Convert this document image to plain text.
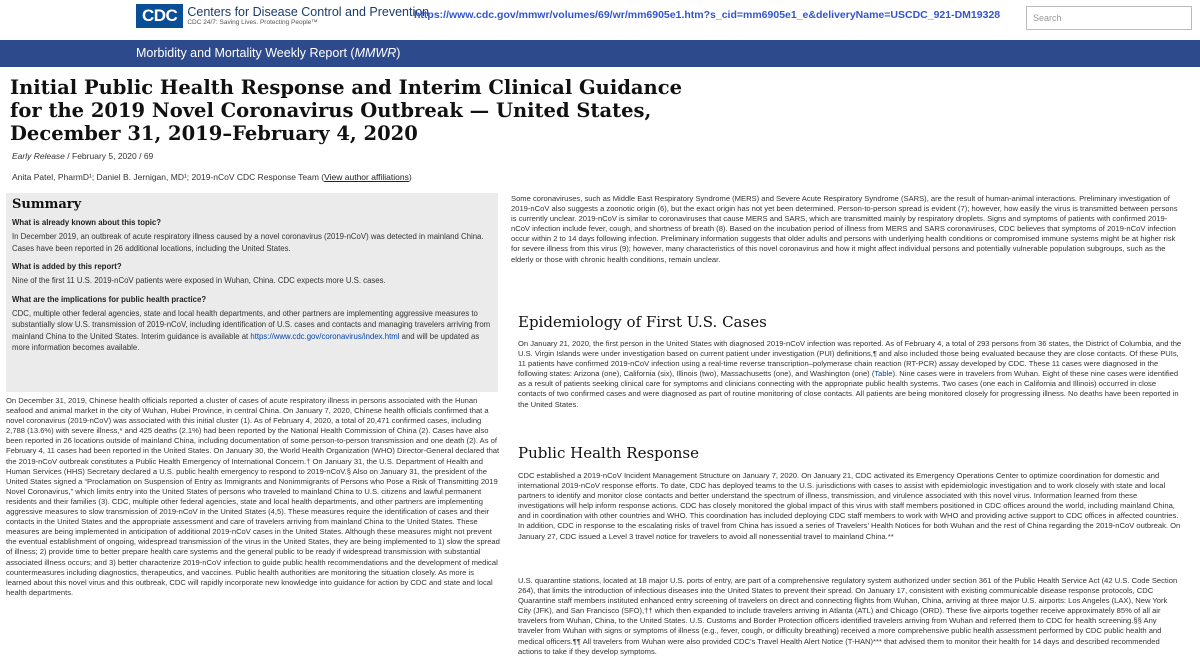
CDC Centers for Disease Control and Prevention
CDC 24/7: Saving Lives. Protecting People™
https://www.cdc.gov/mmwr/volumes/69/wr/mm6905e1.htm?s_cid=mm6905e1_e&deliveryName=USCDC_921-DM19328	Search
Morbidity and Mortality Weekly Report (MMWR)
Initial Public Health Response and Interim Clinical Guidance for the 2019 Novel Coronavirus Outbreak — United States, December 31, 2019–February 4, 2020
Early Release / February 5, 2020 / 69
Anita Patel, PharmD¹; Daniel B. Jernigan, MD¹; 2019-nCoV CDC Response Team (View author affiliations)
Summary
What is already known about this topic?

In December 2019, an outbreak of acute respiratory illness caused by a novel coronavirus (2019-nCoV) was detected in mainland China. Cases have been reported in 26 additional locations, including the United States.

What is added by this report?

Nine of the first 11 U.S. 2019-nCoV patients were exposed in Wuhan, China. CDC expects more U.S. cases.

What are the implications for public health practice?

CDC, multiple other federal agencies, state and local health departments, and other partners are implementing aggressive measures to substantially slow U.S. transmission of 2019-nCoV, including identification of U.S. cases and contacts and managing travelers arriving from mainland China to the United States. Interim guidance is available at https://www.cdc.gov/coronavirus/index.html and will be updated as more information becomes available.

On December 31, 2019, Chinese health officials reported a cluster of cases of acute respiratory illness in persons associated with the Hunan seafood and animal market in the city of Wuhan, Hubei Province, in central China. On January 7, 2020, Chinese health officials confirmed that a novel coronavirus (2019-nCoV) was associated with this initial cluster (1). As of February 4, 2020, a total of 20,471 confirmed cases, including 2,788 (13.6%) with severe illness,* and 425 deaths (2.1%) had been reported by the National Health Commission of China (2). Cases have also been reported in 26 locations outside of mainland China, including documentation of some person-to-person transmission and one death (2). As of February 4, 11 cases had been reported in the United States. On January 30, the World Health Organization (WHO) Director-General declared that the 2019-nCoV outbreak constitutes a Public Health Emergency of International Concern.† On January 31, the U.S. Department of Health and Human Services (HHS) Secretary declared a U.S. public health emergency to respond to 2019-nCoV.§ Also on January 31, the president of the United States signed a “Proclamation on Suspension of Entry as Immigrants and Nonimmigrants of Persons who Pose a Risk of Transmitting 2019 Novel Coronavirus,” which limits entry into the United States of persons who traveled to mainland China to U.S. citizens and lawful permanent residents and their families (3). CDC, multiple other federal agencies, state and local health departments, and other partners are implementing aggressive measures to slow transmission of 2019-nCoV in the United States (4,5). These measures require the identification of cases and their contacts in the United States and the appropriate assessment and care of travelers arriving from mainland China to the United States. These measures are being implemented in anticipation of additional 2019-nCoV cases in the United States. Although these measures might not prevent the eventual establishment of ongoing, widespread transmission of the virus in the United States, they are being implemented to 1) slow the spread of illness; 2) provide time to better prepare health care systems and the general public to be ready if widespread transmission with substantial associated illness occurs; and 3) better characterize 2019-nCoV infection to guide public health recommendations and the development of medical countermeasures including diagnostics, therapeutics, and vaccines. Public health authorities are monitoring the situation closely. As more is learned about this novel virus and this outbreak, CDC will rapidly incorporate new knowledge into guidance for action by CDC and state and local health departments.
Some coronaviruses, such as Middle East Respiratory Syndrome (MERS) and Severe Acute Respiratory Syndrome (SARS), are the result of human-animal interactions. Preliminary investigation of 2019-nCoV also suggests a zoonotic origin (6), but the exact origin has not yet been determined. Person-to-person spread is evident (7); however, how easily the virus is transmitted between persons is currently unclear. 2019-nCoV is similar to coronaviruses that cause MERS and SARS, which are transmitted mainly by respiratory droplets. Signs and symptoms of patients with confirmed 2019-nCoV infection include fever, cough, and shortness of breath (8). Based on the incubation period of illness from MERS and SARS coronaviruses, CDC believes that symptoms of 2019-nCoV infection occur within 2 to 14 days following infection. Preliminary information suggests that older adults and persons with underlying health conditions or compromised immune systems might be at higher risk for severe illness from this virus (9); however, many characteristics of this novel coronavirus and how it might affect individual persons and potentially vulnerable population subgroups, such as the elderly or those with chronic health conditions, remain unclear.
Epidemiology of First U.S. Cases
On January 21, 2020, the first person in the United States with diagnosed 2019-nCoV infection was reported. As of February 4, a total of 293 persons from 36 states, the District of Columbia, and the U.S. Virgin Islands were under investigation based on current patient under investigation (PUI) definitions,¶ and also included those being evaluated because they are close contacts. Of these PUIs, 11 patients have confirmed 2019-nCoV infection using a real-time reverse transcription–polymerase chain reaction (RT-PCR) assay developed by CDC. These 11 cases were diagnosed in the following states: Arizona (one), California (six), Illinois (two), Massachusetts (one), and Washington (one) (Table). Nine cases were in travelers from Wuhan. Eight of these nine cases were identified as a result of patients seeking clinical care for symptoms and clinicians connecting with the appropriate public health systems. Two cases (one each in California and Illinois) occurred in close contacts of two confirmed cases and were diagnosed as part of routine monitoring of close contacts. All patients are being monitored closely for progressing illness. No deaths have been reported in the United States.
Public Health Response
CDC established a 2019-nCoV Incident Management Structure on January 7, 2020. On January 21, CDC activated its Emergency Operations Center to optimize coordination for domestic and international 2019-nCoV response efforts. To date, CDC has deployed teams to the U.S. jurisdictions with cases to assist with epidemiologic investigation and to work closely with state and local partners to identify and monitor close contacts and better understand the spectrum of illness, transmission, and virulence associated with this novel virus. Information learned from these investigations will help inform response actions. CDC has closely monitored the global impact of this virus with staff members positioned in CDC offices around the world, including mainland China, and in coordination with other countries and WHO. This coordination has included deploying CDC staff members to work with WHO and providing active support to CDC offices in affected countries. In addition, CDC in response to the escalating risks of travel from China has issued a series of Travelers’ Health Notices for both Wuhan and the rest of China regarding the 2019-nCoV outbreak. On January 27, CDC issued a Level 3 travel notice for travelers to avoid all nonessential travel to mainland China.**
U.S. quarantine stations, located at 18 major U.S. ports of entry, are part of a comprehensive regulatory system authorized under section 361 of the Public Health Service Act (42 U.S. Code Section 264), that limits the introduction of infectious diseases into the United States to prevent their spread. On January 17, consistent with existing communicable disease response protocols, CDC Quarantine staff members instituted enhanced entry screening of travelers on direct and connecting flights from Wuhan, China, arriving at three major U.S. airports: Los Angeles (LAX), New York City (JFK), and San Francisco (SFO),†† which then expanded to include travelers arriving in Atlanta (ATL) and Chicago (ORD). These five airports together receive approximately 85% of all air travelers from Wuhan, China, to the United States. U.S. Customs and Border Protection officers identified travelers arriving from Wuhan and referred them to CDC for health screening.§§ Any traveler from Wuhan with signs or symptoms of illness (e.g., fever, cough, or difficulty breathing) received a more comprehensive public health assessment performed by CDC public health and medical officers.¶¶ All travelers from Wuhan were also provided CDC’s Travel Health Alert Notice (T-HAN)*** that advised them to monitor their health for 14 days and described recommended actions to take if they develop symptoms.
